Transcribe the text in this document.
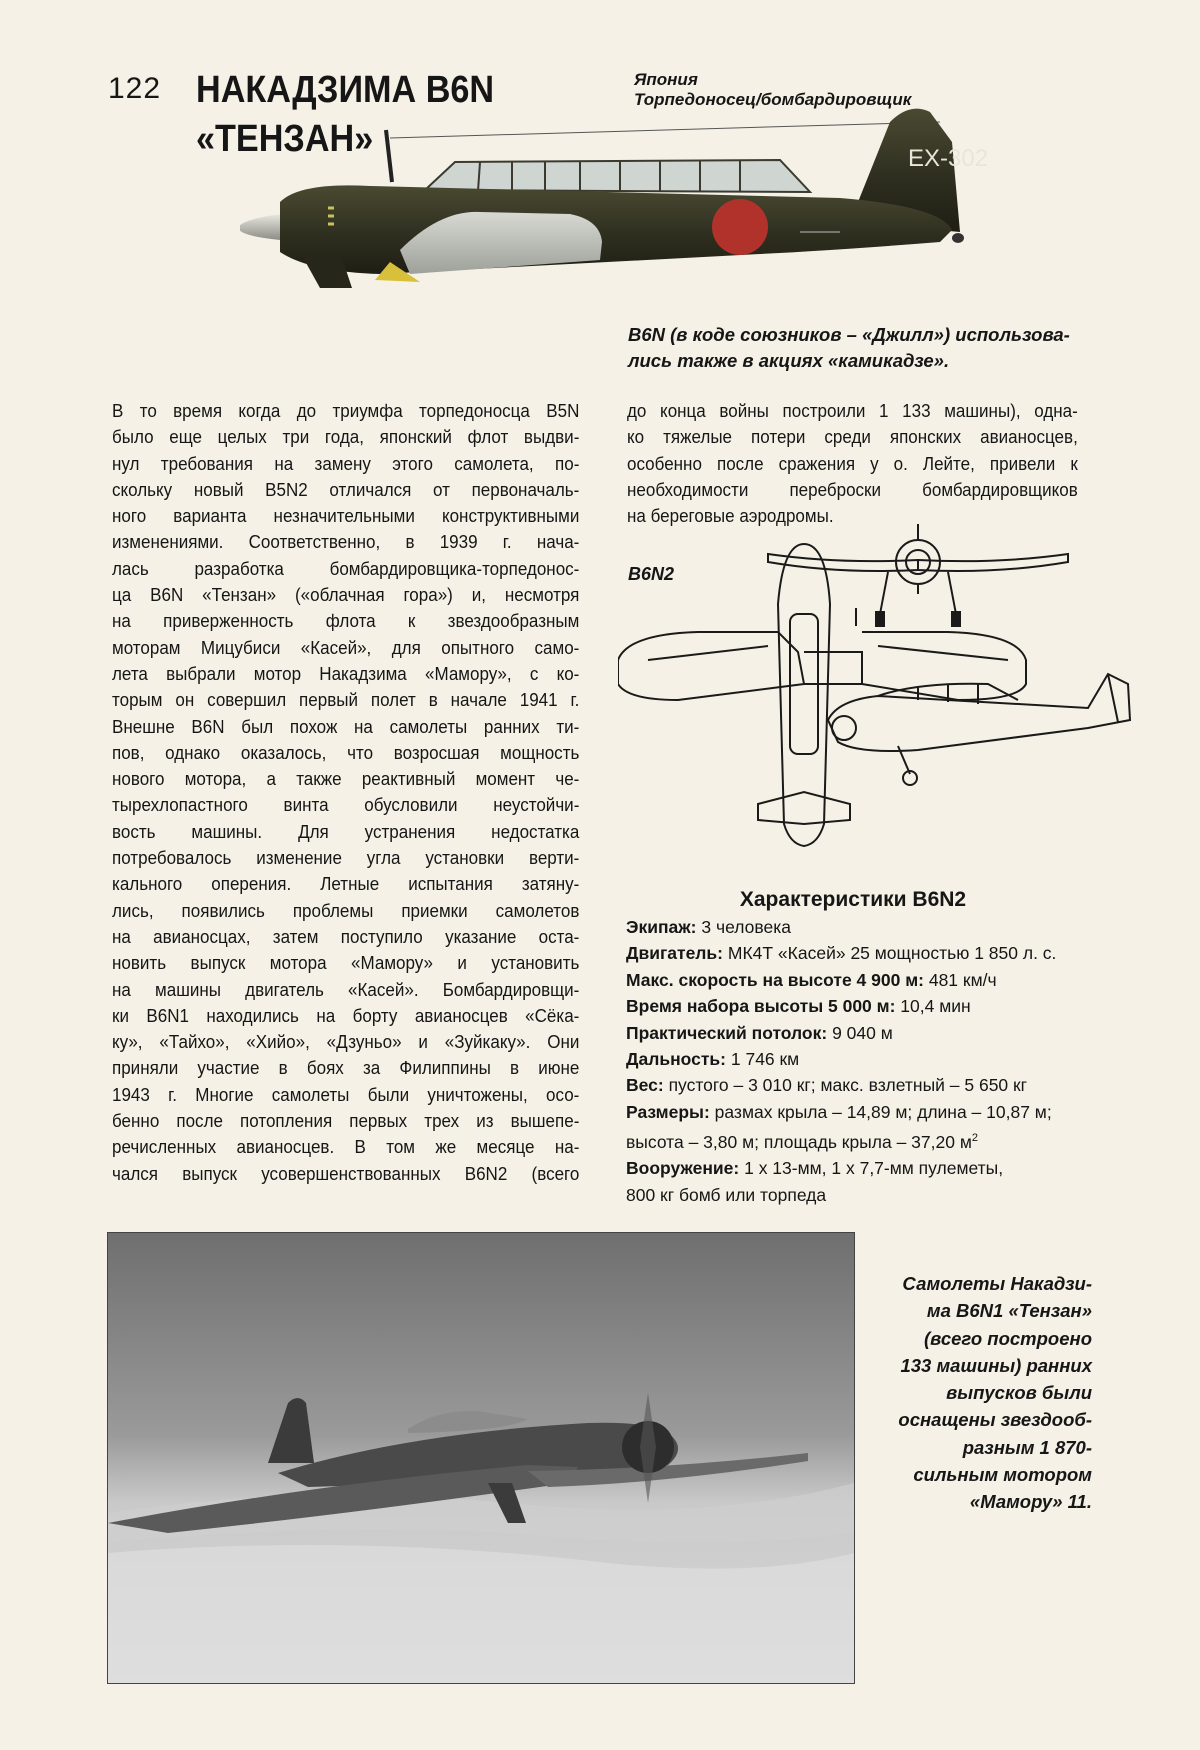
122 НАКАДЗИМА B6N
«ТЕНЗАН»
Япония
Торпедоносец/бомбардировщик
ЕХ-302
B6N (в коде союзников – «Джилл») использова-
лись также в акциях «камикадзе».
В то время когда до триумфа торпедоносца B5N
было еще целых три года, японский флот выдви-
нул требования на замену этого самолета, по-
скольку новый B5N2 отличался от первоначаль-
ного варианта незначительными конструктивными
изменениями. Соответственно, в 1939 г. нача-
лась разработка бомбардировщика-торпедонос-
ца B6N «Тензан» («облачная гора») и, несмотря
на приверженность флота к звездообразным
моторам Мицубиси «Касей», для опытного само-
лета выбрали мотор Накадзима «Мамору», с ко-
торым он совершил первый полет в начале 1941 г.
Внешне B6N был похож на самолеты ранних ти-
пов, однако оказалось, что возросшая мощность
нового мотора, а также реактивный момент че-
тырехлопастного винта обусловили неустойчи-
вость машины. Для устранения недостатка
потребовалось изменение угла установки верти-
кального оперения. Летные испытания затяну-
лись, появились проблемы приемки самолетов
на авианосцах, затем поступило указание оста-
новить выпуск мотора «Мамору» и установить
на машины двигатель «Касей». Бомбардировщи-
ки B6N1 находились на борту авианосцев «Сёка-
ку», «Тайхо», «Хийо», «Дзуньо» и «Зуйкаку». Они
приняли участие в боях за Филиппины в июне
1943 г. Многие самолеты были уничтожены, осо-
бенно после потопления первых трех из вышепе-
речисленных авианосцев. В том же месяце на-
чался выпуск усовершенствованных B6N2 (всего
до конца войны построили 1 133 машины), одна-
ко тяжелые потери среди японских авианосцев,
особенно после сражения у о. Лейте, привели к
необходимости переброски бомбардировщиков
на береговые аэродромы.
B6N2
Характеристики B6N2
Экипаж: 3 человека
Двигатель: МК4Т «Касей» 25 мощностью 1 850 л. с.
Макс. скорость на высоте 4 900 м: 481 км/ч
Время набора высоты 5 000 м: 10,4 мин
Практический потолок: 9 040 м
Дальность: 1 746 км
Вес: пустого – 3 010 кг; макс. взлетный – 5 650 кг
Размеры: размах крыла – 14,89 м; длина – 10,87 м;
высота – 3,80 м; площадь крыла – 37,20 $м^2$
Вооружение: 1 х 13-мм, 1 х 7,7-мм пулеметы,
800 кг бомб или торпеда
Самолеты Накадзи-
ма B6N1 «Тензан»
(всего построено
133 машины) ранних
выпусков были
оснащены звездооб-
разным 1 870-
сильным мотором
«Мамору» 11.
